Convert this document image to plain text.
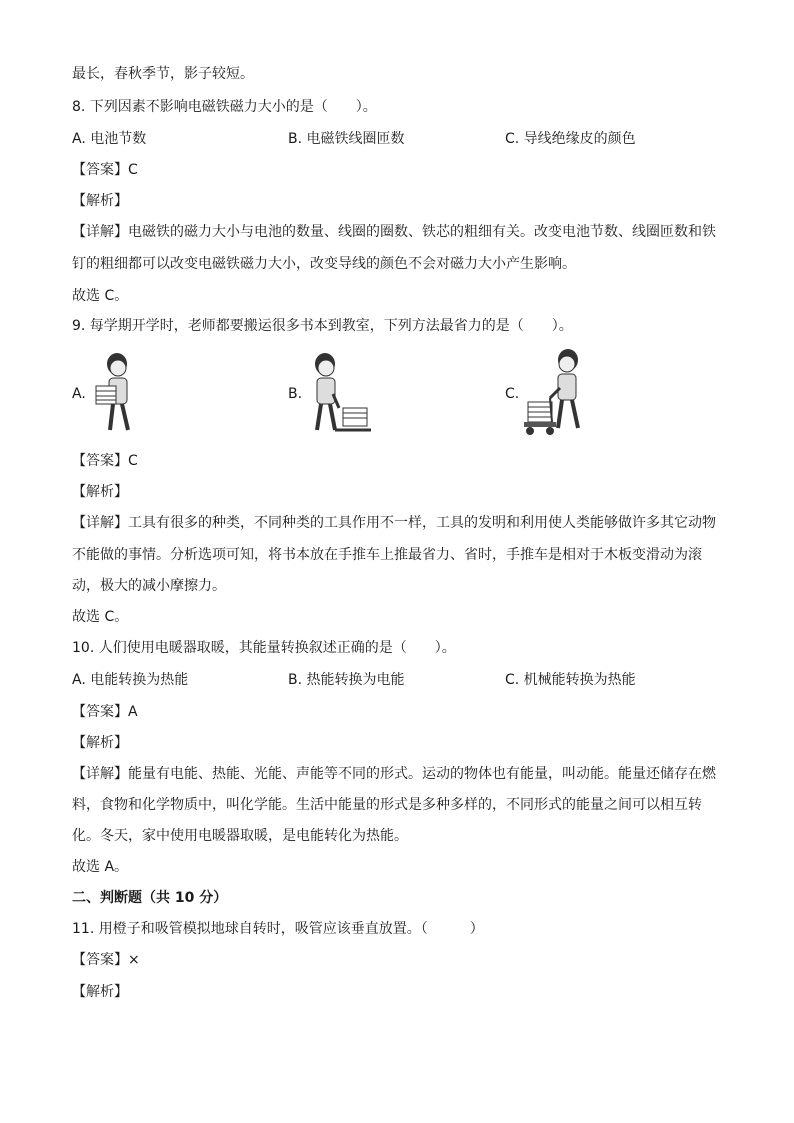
最长，春秋季节，影子较短。
8. 下列因素不影响电磁铁磁力大小的是（　　）。
A. 电池节数	B. 电磁铁线圈匝数	C. 导线绝缘皮的颜色
【答案】C
【解析】
【详解】电磁铁的磁力大小与电池的数量、线圈的圈数、铁芯的粗细有关。改变电池节数、线圈匝数和铁
钉的粗细都可以改变电磁铁磁力大小，改变导线的颜色不会对磁力大小产生影响。
故选 C。
9. 每学期开学时，老师都要搬运很多书本到教室，下列方法最省力的是（　　）。
A.	B.	C.
【答案】C
【解析】
【详解】工具有很多的种类，不同种类的工具作用不一样，工具的发明和利用使人类能够做许多其它动物
不能做的事情。分析选项可知，将书本放在手推车上推最省力、省时，手推车是相对于木板变滑动为滚
动，极大的减小摩擦力。
故选 C。
10. 人们使用电暖器取暖，其能量转换叙述正确的是（　　）。
A. 电能转换为热能	B. 热能转换为电能	C. 机械能转换为热能
【答案】A
【解析】
【详解】能量有电能、热能、光能、声能等不同的形式。运动的物体也有能量，叫动能。能量还储存在燃
料，食物和化学物质中，叫化学能。生活中能量的形式是多种多样的，不同形式的能量之间可以相互转
化。冬天，家中使用电暖器取暖，是电能转化为热能。
故选 A。
二、判断题（共 10 分）
11. 用橙子和吸管模拟地球自转时，吸管应该垂直放置。（　　　）
【答案】×
【解析】
